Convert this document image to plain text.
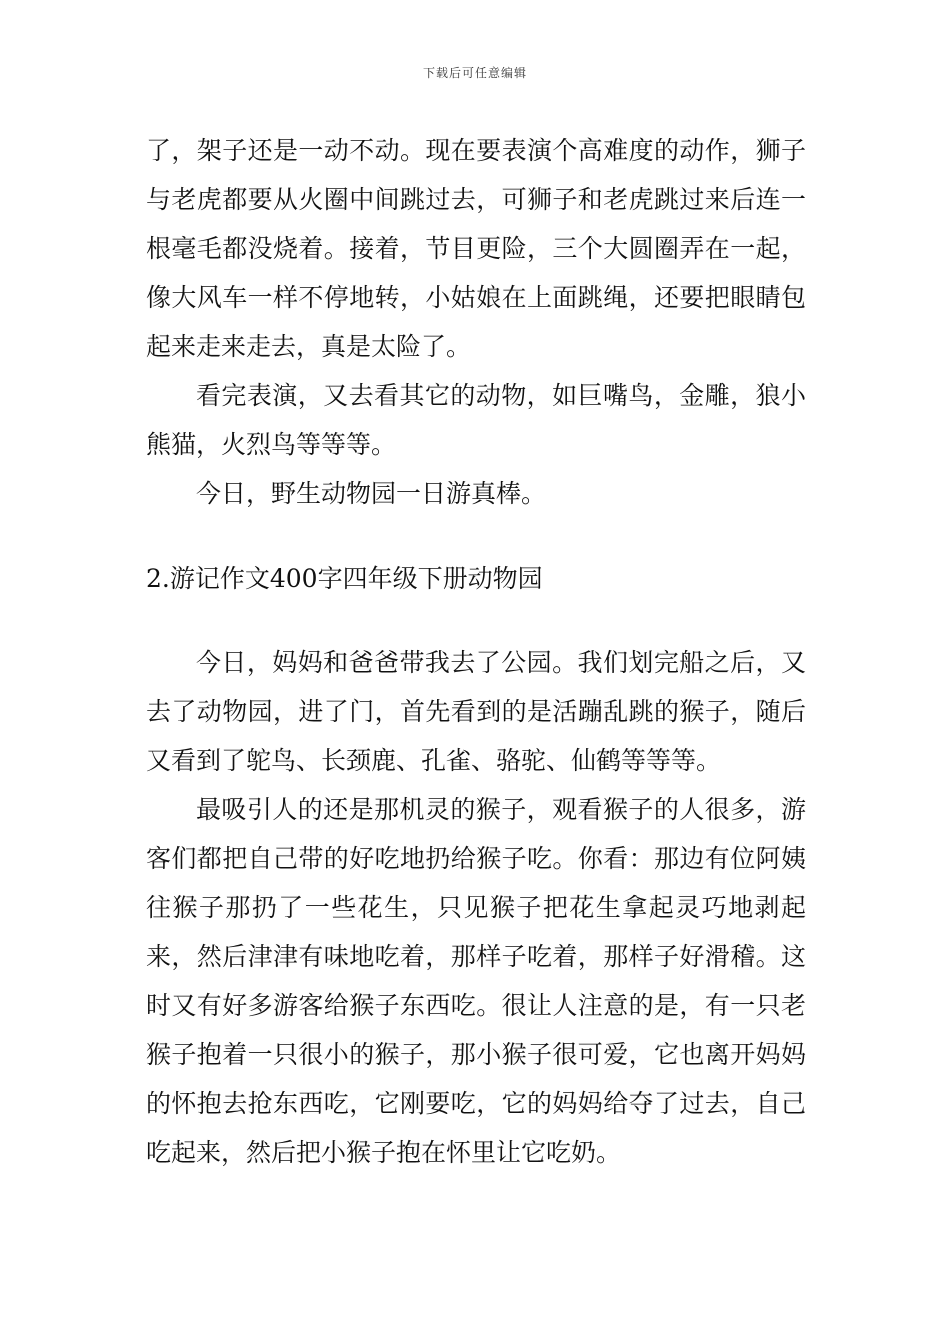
下载后可任意编辑

了，架子还是一动不动。现在要表演个高难度的动作，狮子与老虎都要从火圈中间跳过去，可狮子和老虎跳过来后连一根毫毛都没烧着。接着，节目更险，三个大圆圈弄在一起，像大风车一样不停地转，小姑娘在上面跳绳，还要把眼睛包起来走来走去，真是太险了。

看完表演，又去看其它的动物，如巨嘴鸟，金雕，狼小熊猫，火烈鸟等等等。

今日，野生动物园一日游真棒。

2.游记作文400字四年级下册动物园

今日，妈妈和爸爸带我去了公园。我们划完船之后，又去了动物园，进了门，首先看到的是活蹦乱跳的猴子，随后又看到了鸵鸟、长颈鹿、孔雀、骆驼、仙鹤等等等。

最吸引人的还是那机灵的猴子，观看猴子的人很多，游客们都把自己带的好吃地扔给猴子吃。你看：那边有位阿姨往猴子那扔了一些花生，只见猴子把花生拿起灵巧地剥起来，然后津津有味地吃着，那样子吃着，那样子好滑稽。这时又有好多游客给猴子东西吃。很让人注意的是，有一只老猴子抱着一只很小的猴子，那小猴子很可爱，它也离开妈妈的怀抱去抢东西吃，它刚要吃，它的妈妈给夺了过去，自己吃起来，然后把小猴子抱在怀里让它吃奶。
